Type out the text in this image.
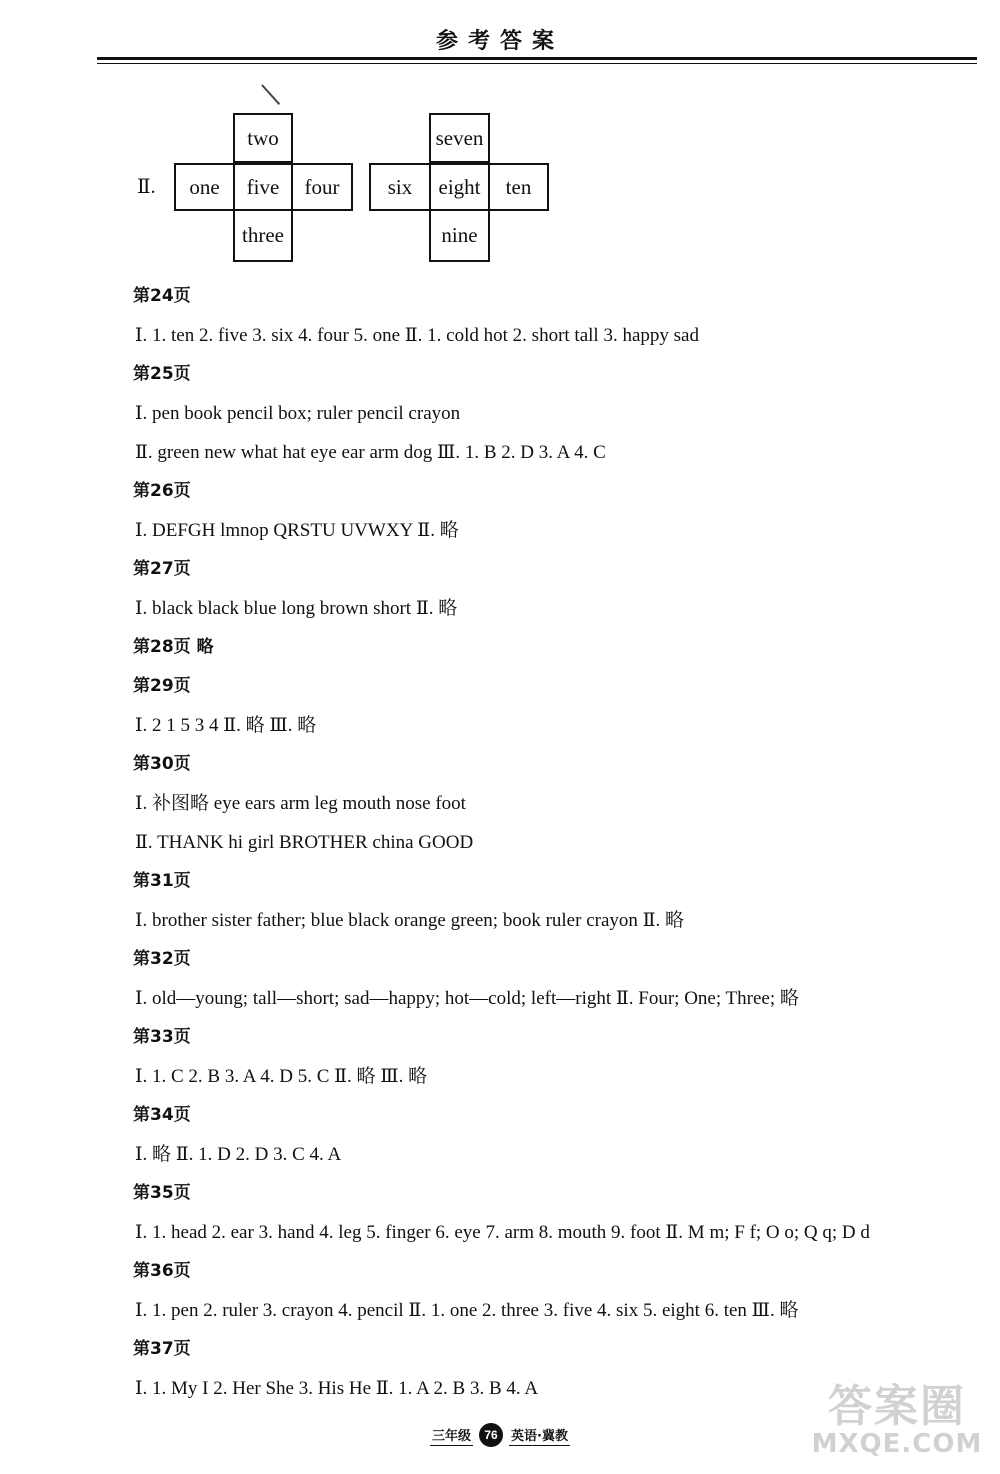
参考答案
Ⅱ.
two
one	five	four
three
seven
six	eight	ten
nine
第24页
Ⅰ. 1. ten 2. five 3. six 4. four 5. one Ⅱ. 1. cold hot 2. short tall 3. happy sad
第25页
Ⅰ. pen book pencil box; ruler pencil crayon
Ⅱ. green new what hat eye ear arm dog Ⅲ. 1. B 2. D 3. A 4. C
第26页
Ⅰ. DEFGH lmnop QRSTU UVWXY Ⅱ. 略
第27页
Ⅰ. black black blue long brown short Ⅱ. 略
第28页 略
第29页
Ⅰ. 2 1 5 3 4 Ⅱ. 略 Ⅲ. 略
第30页
Ⅰ. 补图略 eye ears arm leg mouth nose foot
Ⅱ. THANK hi girl BROTHER china GOOD
第31页
Ⅰ. brother sister father; blue black orange green; book ruler crayon Ⅱ. 略
第32页
Ⅰ. old—young; tall—short; sad—happy; hot—cold; left—right Ⅱ. Four; One; Three; 略
第33页
Ⅰ. 1. C 2. B 3. A 4. D 5. C Ⅱ. 略 Ⅲ. 略
第34页
Ⅰ. 略 Ⅱ. 1. D 2. D 3. C 4. A
第35页
Ⅰ. 1. head 2. ear 3. hand 4. leg 5. finger 6. eye 7. arm 8. mouth 9. foot Ⅱ. M m; F f; O o; Q q; D d
第36页
Ⅰ. 1. pen 2. ruler 3. crayon 4. pencil Ⅱ. 1. one 2. three 3. five 4. six 5. eight 6. ten Ⅲ. 略
第37页
Ⅰ. 1. My I 2. Her She 3. His He Ⅱ. 1. A 2. B 3. B 4. A
三年级	76	英语·冀教
答案圈
MXQE.COM
